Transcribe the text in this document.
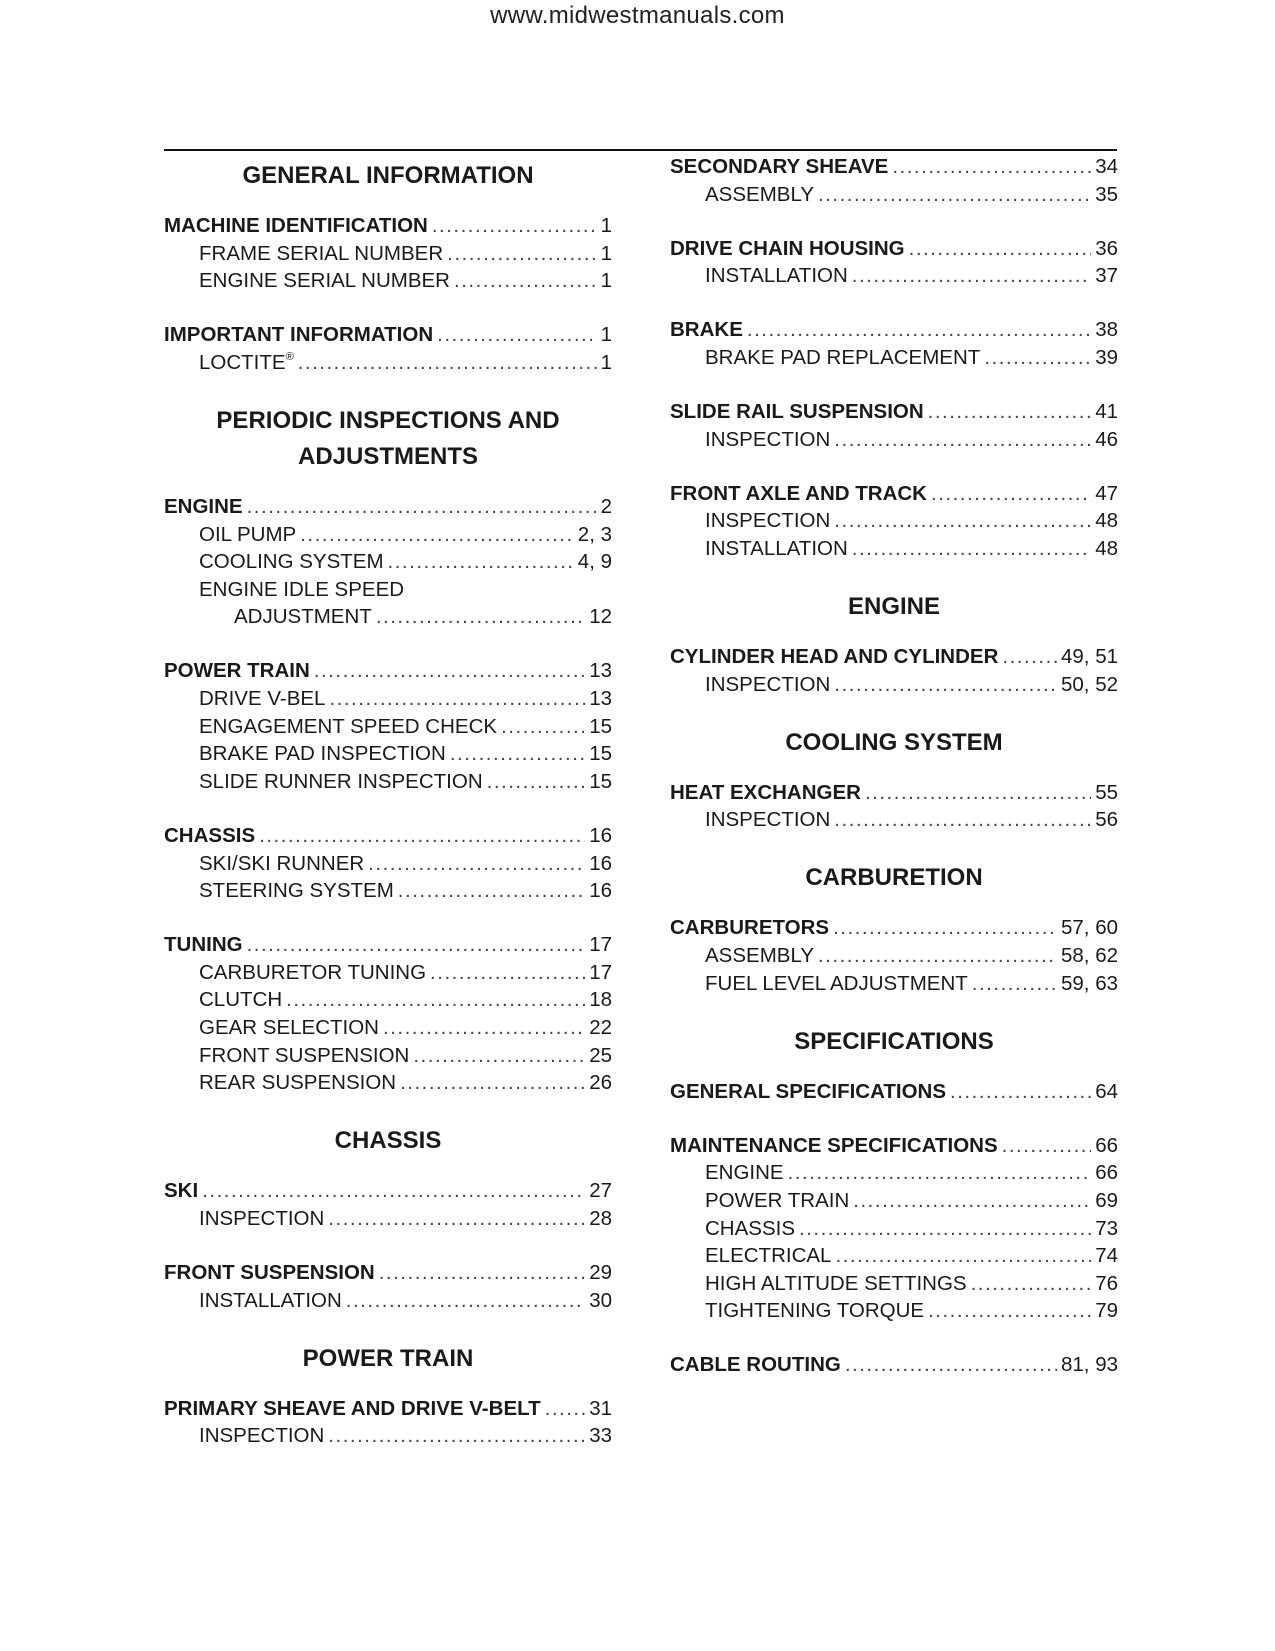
www.midwestmanuals.com
GENERAL INFORMATION
MACHINE IDENTIFICATION .....	1
FRAME SERIAL NUMBER .....	1
ENGINE SERIAL NUMBER .....	1
IMPORTANT INFORMATION .....	1
LOCTITE® .....	1
PERIODIC INSPECTIONS AND
ADJUSTMENTS
ENGINE .....	2
OIL PUMP .....	2, 3
COOLING SYSTEM .....	4, 9
ENGINE IDLE SPEED
ADJUSTMENT .....	12
POWER TRAIN .....	13
DRIVE V-BEL .....	13
ENGAGEMENT SPEED CHECK .....	15
BRAKE PAD INSPECTION .....	15
SLIDE RUNNER INSPECTION .....	15
CHASSIS .....	16
SKI/SKI RUNNER .....	16
STEERING SYSTEM .....	16
TUNING .....	17
CARBURETOR TUNING .....	17
CLUTCH .....	18
GEAR SELECTION .....	22
FRONT SUSPENSION .....	25
REAR SUSPENSION .....	26
CHASSIS
SKI .....	27
INSPECTION .....	28
FRONT SUSPENSION .....	29
INSTALLATION .....	30
POWER TRAIN
PRIMARY SHEAVE AND DRIVE V-BELT ..... 31
INSPECTION .....	33
SECONDARY SHEAVE .....	34
ASSEMBLY .....	35
DRIVE CHAIN HOUSING .....	36
INSTALLATION .....	37
BRAKE .....	38
BRAKE PAD REPLACEMENT .....	39
SLIDE RAIL SUSPENSION .....	41
INSPECTION .....	46
FRONT AXLE AND TRACK .....	47
INSPECTION .....	48
INSTALLATION .....	48
ENGINE
CYLINDER HEAD AND CYLINDER .....	49, 51
INSPECTION .....	50, 52
COOLING SYSTEM
HEAT EXCHANGER .....	55
INSPECTION .....	56
CARBURETION
CARBURETORS .....	57, 60
ASSEMBLY .....	58, 62
FUEL LEVEL ADJUSTMENT .....	59, 63
SPECIFICATIONS
GENERAL SPECIFICATIONS .....	64
MAINTENANCE SPECIFICATIONS .....	66
ENGINE .....	66
POWER TRAIN .....	69
CHASSIS .....	73
ELECTRICAL .....	74
HIGH ALTITUDE SETTINGS .....	76
TIGHTENING TORQUE .....	79
CABLE ROUTING .....	81, 93
